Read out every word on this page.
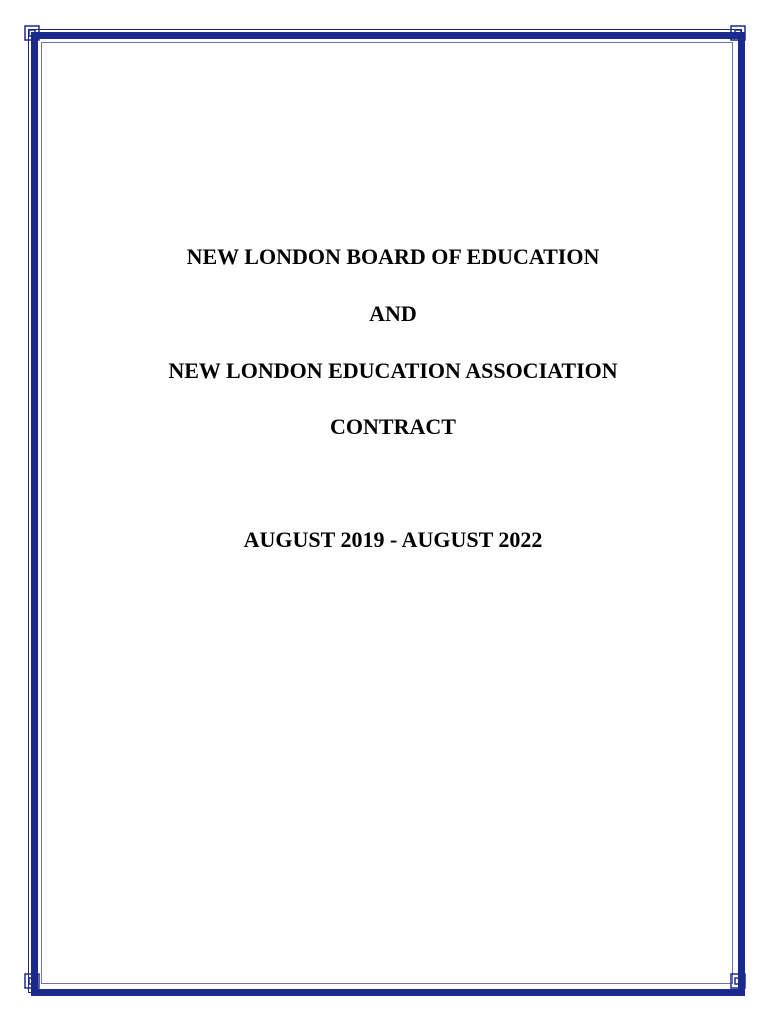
NEW LONDON BOARD OF EDUCATION
AND
NEW LONDON EDUCATION ASSOCIATION
CONTRACT
AUGUST 2019 - AUGUST 2022
